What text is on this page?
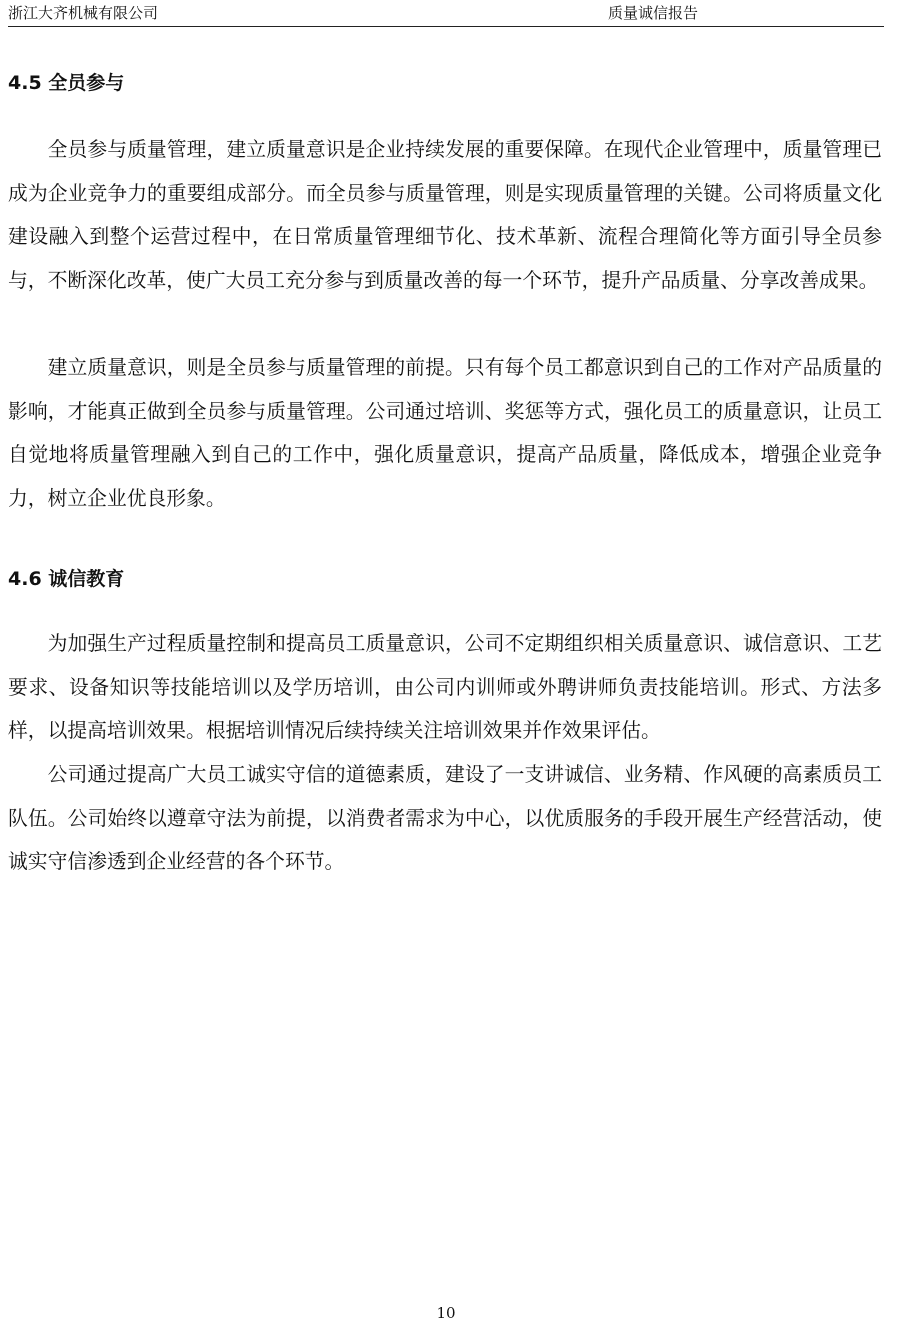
浙江大齐机械有限公司	质量诚信报告
4.5 全员参与

全员参与质量管理，建立质量意识是企业持续发展的重要保障。在现代企业管理中，质量管理已成为企业竞争力的重要组成部分。而全员参与质量管理，则是实现质量管理的关键。公司将质量文化建设融入到整个运营过程中，在日常质量管理细节化、技术革新、流程合理简化等方面引导全员参与，不断深化改革，使广大员工充分参与到质量改善的每一个环节，提升产品质量、分享改善成果。

建立质量意识，则是全员参与质量管理的前提。只有每个员工都意识到自己的工作对产品质量的影响，才能真正做到全员参与质量管理。公司通过培训、奖惩等方式，强化员工的质量意识，让员工自觉地将质量管理融入到自己的工作中，强化质量意识，提高产品质量，降低成本，增强企业竞争力，树立企业优良形象。

4.6 诚信教育

为加强生产过程质量控制和提高员工质量意识，公司不定期组织相关质量意识、诚信意识、工艺要求、设备知识等技能培训以及学历培训，由公司内训师或外聘讲师负责技能培训。形式、方法多样，以提高培训效果。根据培训情况后续持续关注培训效果并作效果评估。

公司通过提高广大员工诚实守信的道德素质，建设了一支讲诚信、业务精、作风硬的高素质员工队伍。公司始终以遵章守法为前提，以消费者需求为中心，以优质服务的手段开展生产经营活动，使诚实守信渗透到企业经营的各个环节。

10
